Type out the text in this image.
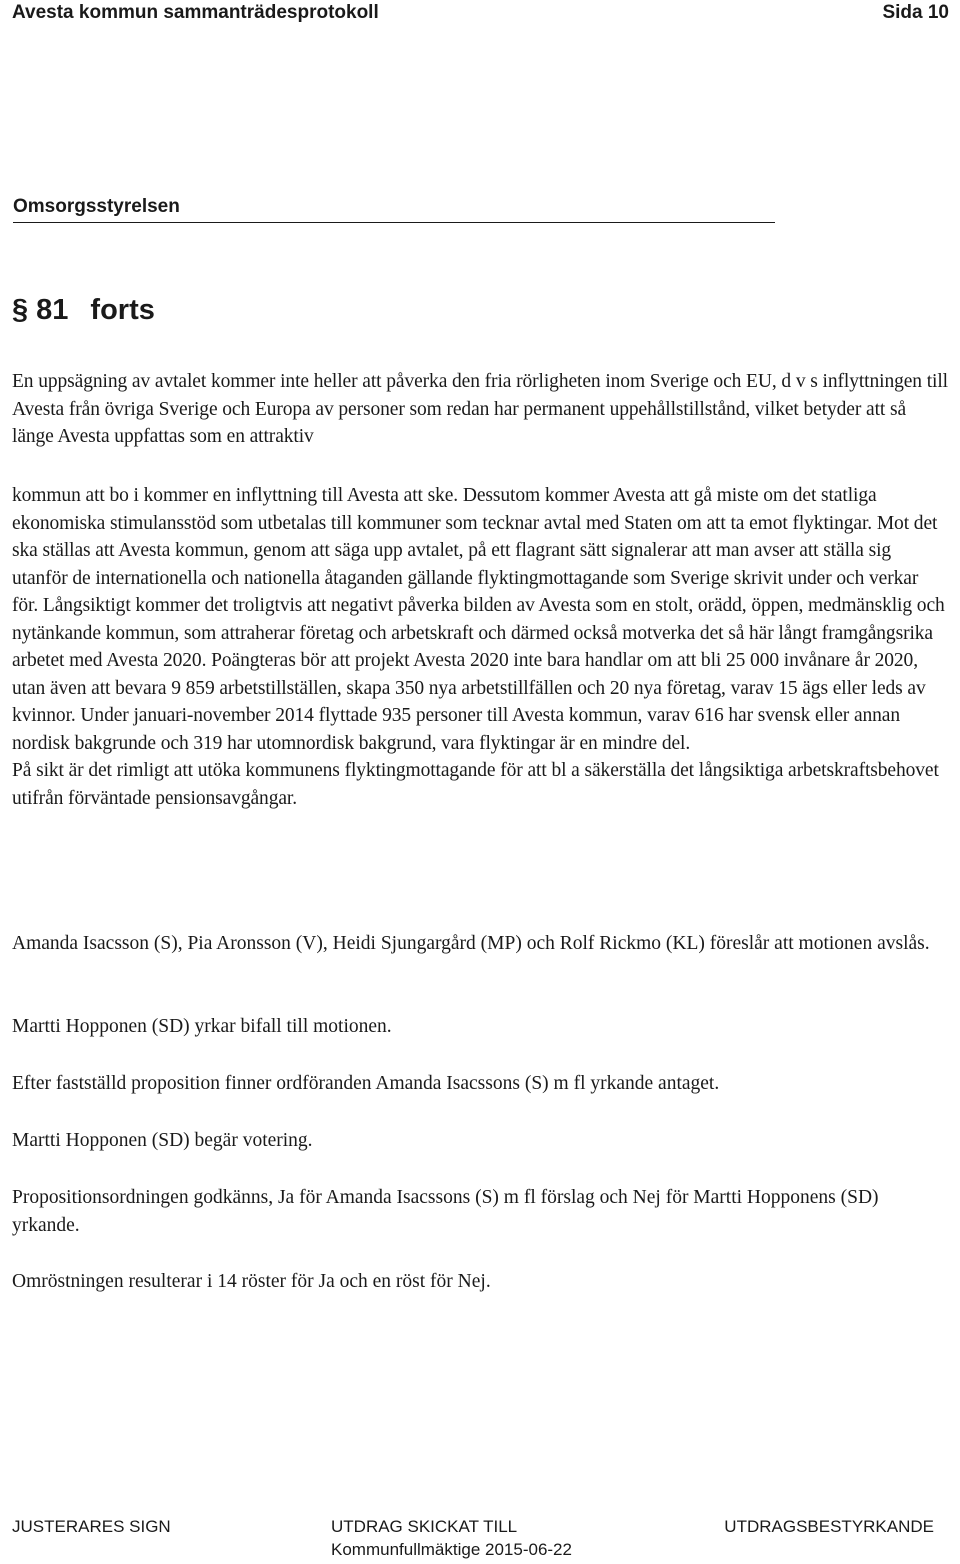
Avesta kommun sammanträdesprotokoll	Sida 10
Omsorgsstyrelsen
§ 81 forts

En uppsägning av avtalet kommer inte heller att påverka den fria rörligheten inom Sverige och EU, d v s inflyttningen till Avesta från övriga Sverige och Europa av personer som redan har permanent uppehållstillstånd, vilket betyder att så länge Avesta uppfattas som en attraktiv

kommun att bo i kommer en inflyttning till Avesta att ske. Dessutom kommer Avesta att gå miste om det statliga ekonomiska stimulansstöd som utbetalas till kommuner som tecknar avtal med Staten om att ta emot flyktingar. Mot det ska ställas att Avesta kommun, genom att säga upp avtalet, på ett flagrant sätt signalerar att man avser att ställa sig utanför de internationella och nationella åtaganden gällande flyktingmottagande som Sverige skrivit under och verkar för. Långsiktigt kommer det troligtvis att negativt påverka bilden av Avesta som en stolt, orädd, öppen, medmänsklig och nytänkande kommun, som attraherar företag och arbetskraft och därmed också motverka det så här långt framgångsrika arbetet med Avesta 2020. Poängteras bör att projekt Avesta 2020 inte bara handlar om att bli 25 000 invånare år 2020, utan även att bevara 9 859 arbetstillställen, skapa 350 nya arbetstillfällen och 20 nya företag, varav 15 ägs eller leds av kvinnor. Under januari-november 2014 flyttade 935 personer till Avesta kommun, varav 616 har svensk eller annan nordisk bakgrunde och 319 har utomnordisk bakgrund, vara flyktingar är en mindre del.
På sikt är det rimligt att utöka kommunens flyktingmottagande för att bl a säkerställa det långsiktiga arbetskraftsbehovet utifrån förväntade pensionsavgångar.

Amanda Isacsson (S), Pia Aronsson (V), Heidi Sjungargård (MP) och Rolf Rickmo (KL) föreslår att motionen avslås.

Martti Hopponen (SD) yrkar bifall till motionen.

Efter fastställd proposition finner ordföranden Amanda Isacssons (S) m fl yrkande antaget.

Martti Hopponen (SD) begär votering.

Propositionsordningen godkänns, Ja för Amanda Isacssons (S) m fl förslag och Nej för Martti Hopponens (SD) yrkande.

Omröstningen resulterar i 14 röster för Ja och en röst för Nej.

JUSTERARES SIGN	UTDRAG SKICKAT TILL	UTDRAGSBESTYRKANDE
Kommunfullmäktige 2015-06-22
